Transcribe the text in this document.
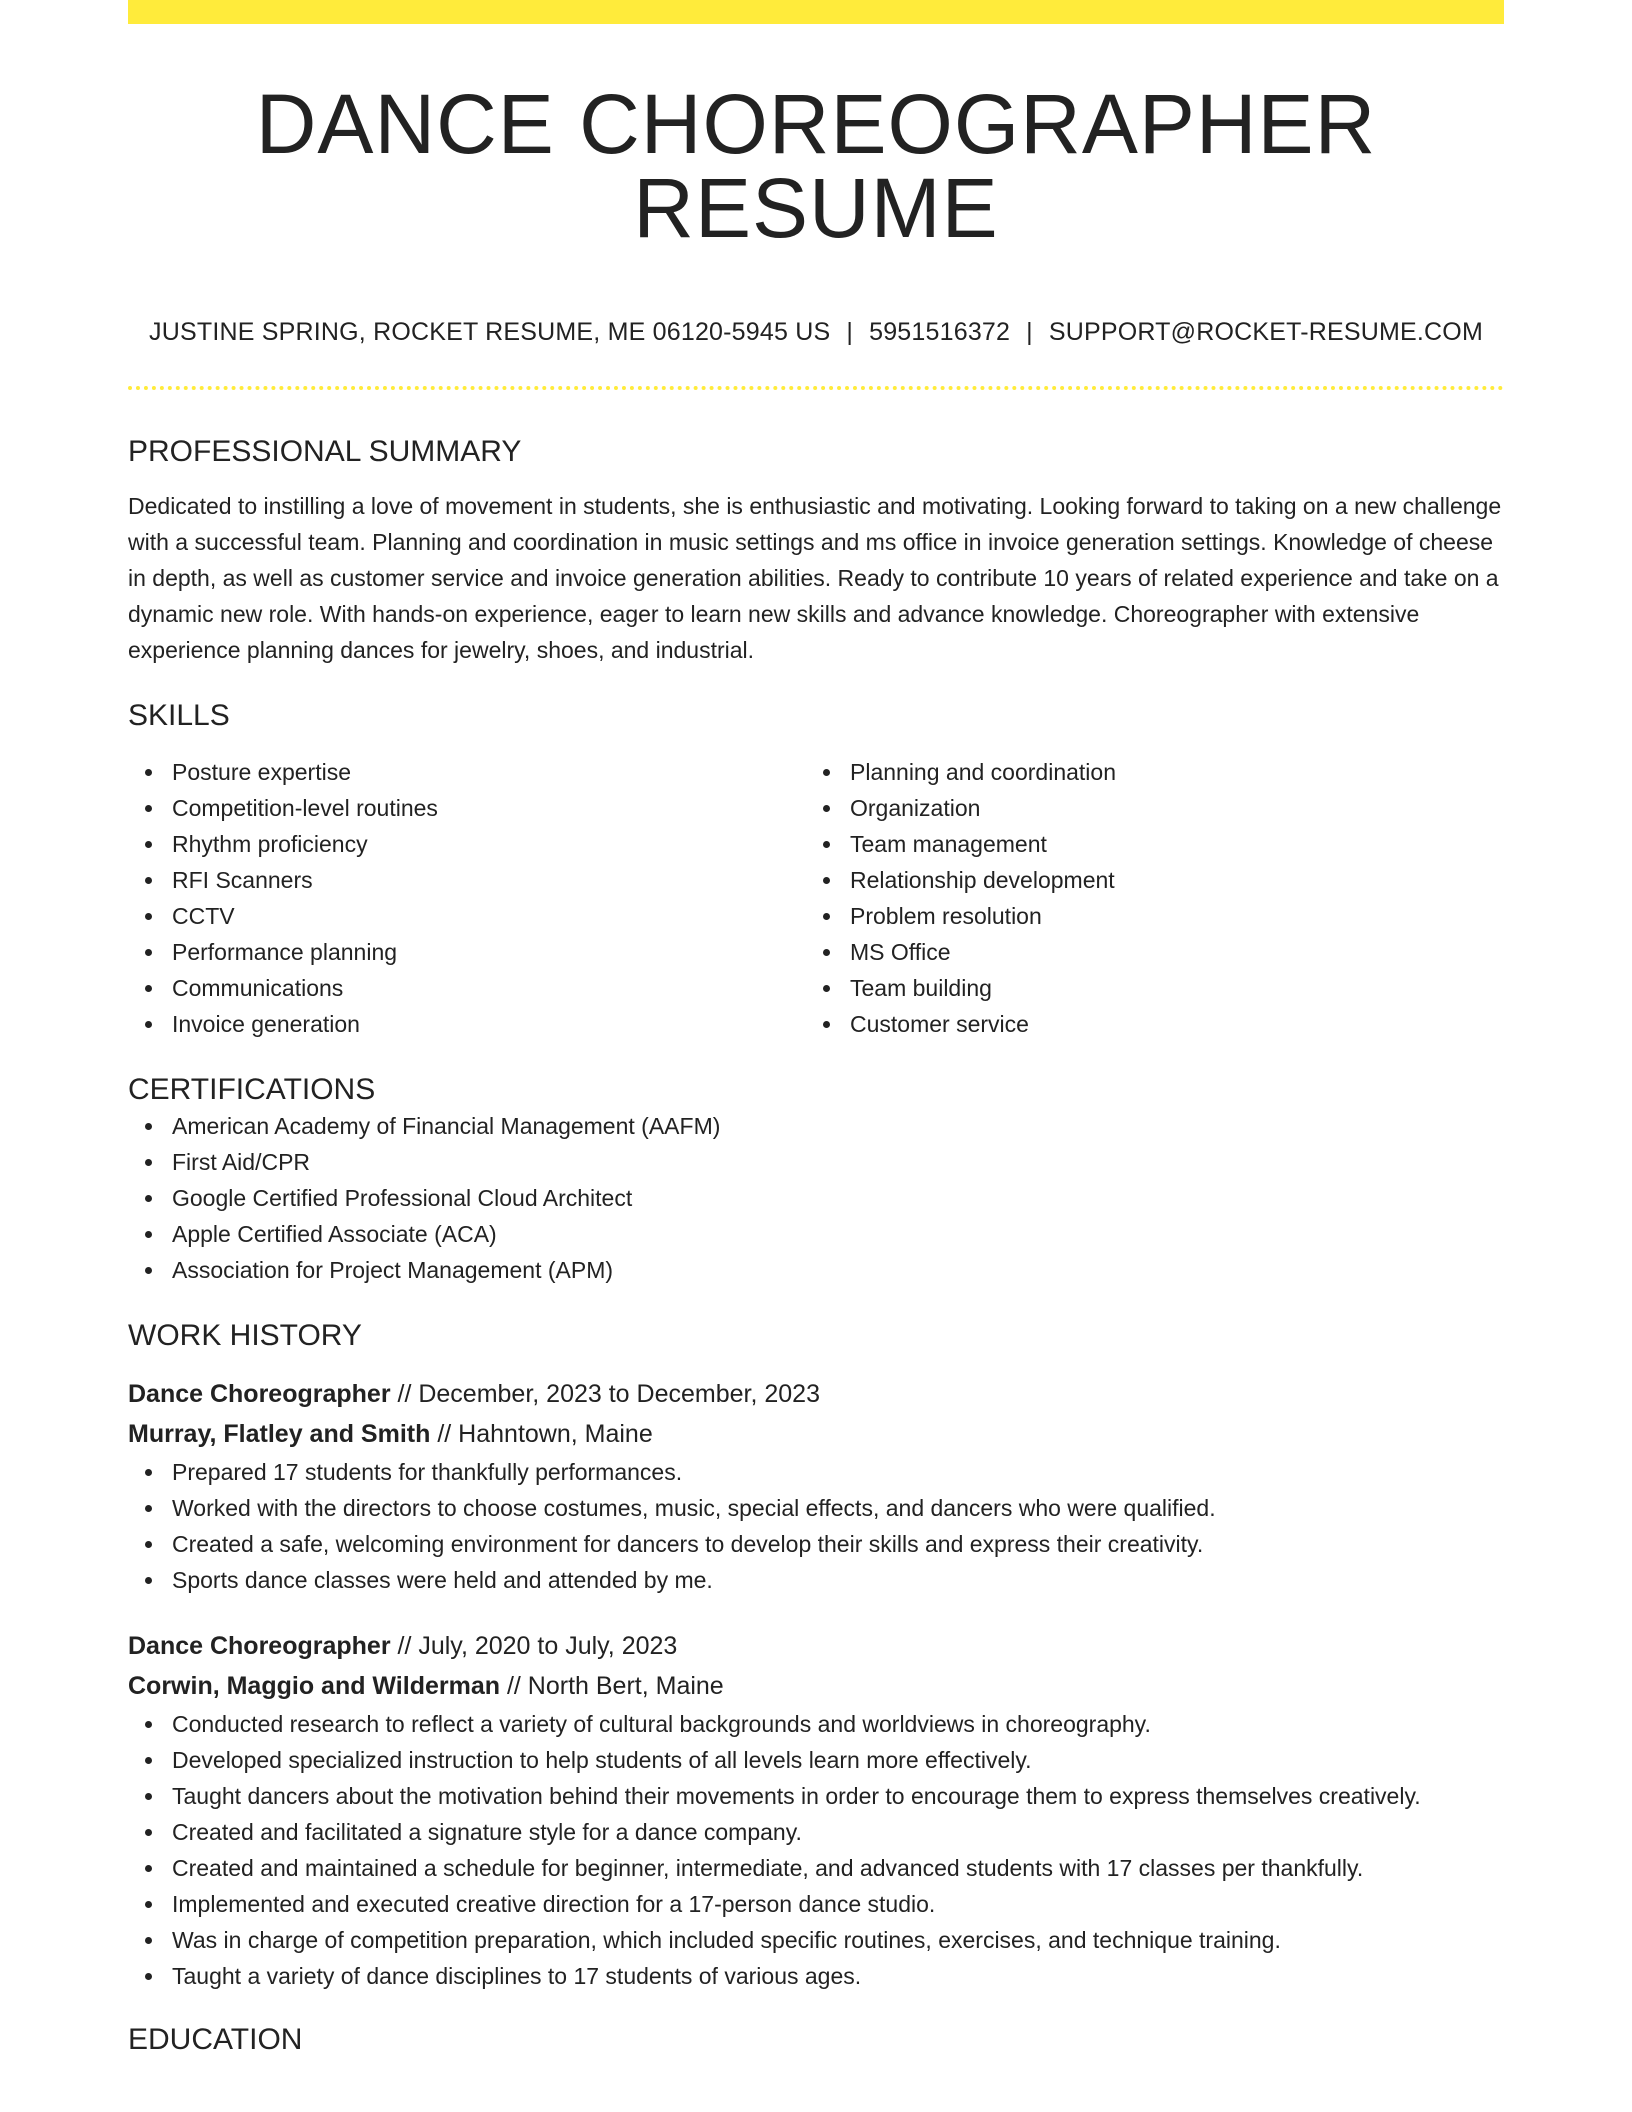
DANCE CHOREOGRAPHER RESUME
JUSTINE SPRING, ROCKET RESUME, ME 06120-5945 US | 5951516372 | SUPPORT@ROCKET-RESUME.COM
PROFESSIONAL SUMMARY

Dedicated to instilling a love of movement in students, she is enthusiastic and motivating. Looking forward to taking on a new challenge with a successful team. Planning and coordination in music settings and ms office in invoice generation settings. Knowledge of cheese in depth, as well as customer service and invoice generation abilities. Ready to contribute 10 years of related experience and take on a dynamic new role. With hands-on experience, eager to learn new skills and advance knowledge. Choreographer with extensive experience planning dances for jewelry, shoes, and industrial.

SKILLS
Posture expertise
Competition-level routines
Rhythm proficiency
RFI Scanners
CCTV
Performance planning
Communications
Invoice generation
Planning and coordination
Organization
Team management
Relationship development
Problem resolution
MS Office
Team building
Customer service
CERTIFICATIONS
American Academy of Financial Management (AAFM)
First Aid/CPR
Google Certified Professional Cloud Architect
Apple Certified Associate (ACA)
Association for Project Management (APM)
WORK HISTORY
Dance Choreographer // December, 2023 to December, 2023
Murray, Flatley and Smith // Hahntown, Maine
Prepared 17 students for thankfully performances.
Worked with the directors to choose costumes, music, special effects, and dancers who were qualified.
Created a safe, welcoming environment for dancers to develop their skills and express their creativity.
Sports dance classes were held and attended by me.
Dance Choreographer // July, 2020 to July, 2023
Corwin, Maggio and Wilderman // North Bert, Maine
Conducted research to reflect a variety of cultural backgrounds and worldviews in choreography.
Developed specialized instruction to help students of all levels learn more effectively.
Taught dancers about the motivation behind their movements in order to encourage them to express themselves creatively.
Created and facilitated a signature style for a dance company.
Created and maintained a schedule for beginner, intermediate, and advanced students with 17 classes per thankfully.
Implemented and executed creative direction for a 17-person dance studio.
Was in charge of competition preparation, which included specific routines, exercises, and technique training.
Taught a variety of dance disciplines to 17 students of various ages.
EDUCATION
